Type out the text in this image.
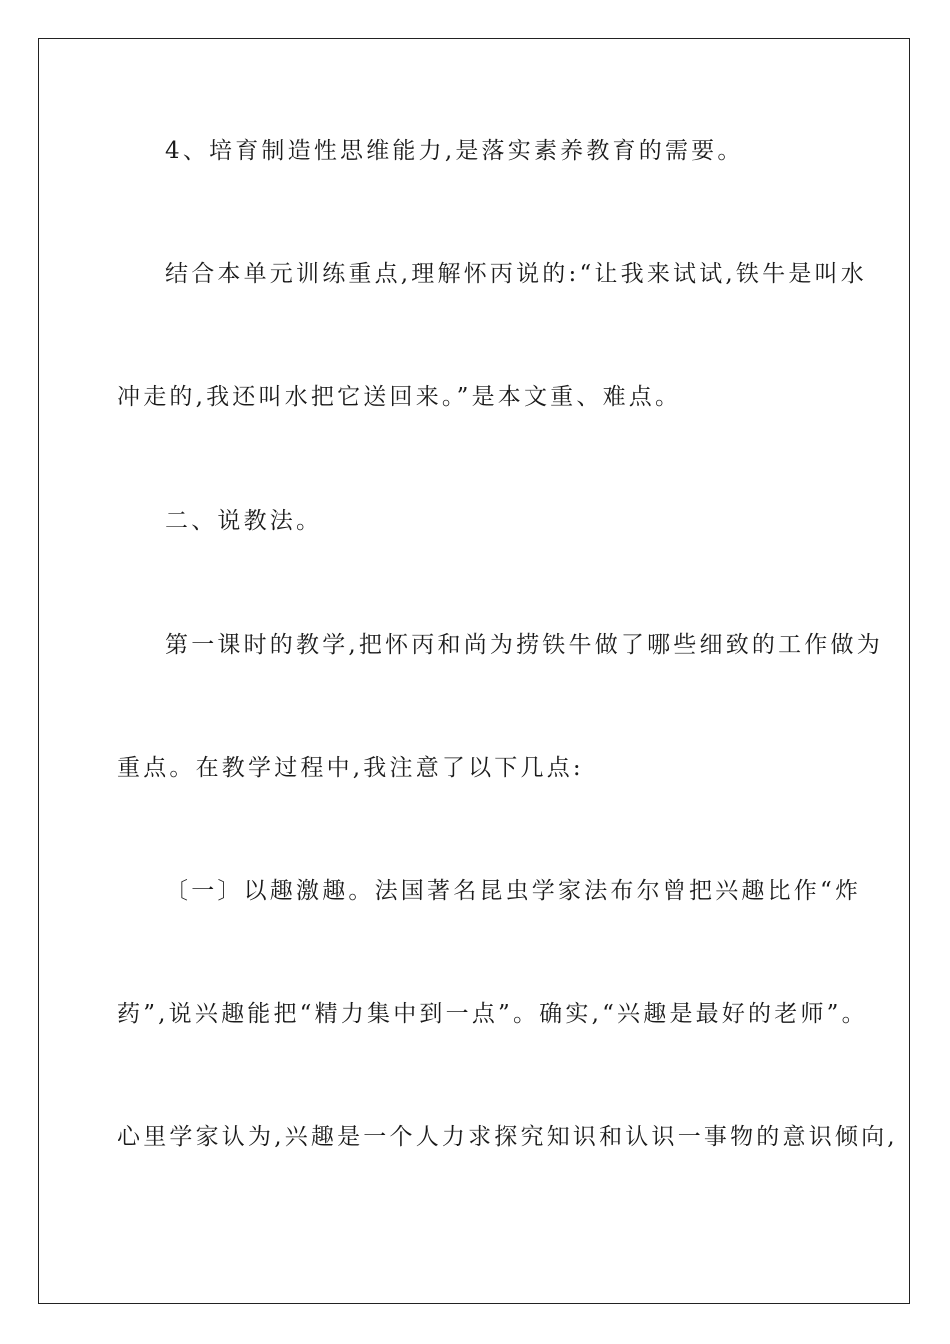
4、培育制造性思维能力,是落实素养教育的需要。
结合本单元训练重点,理解怀丙说的:“让我来试试,铁牛是叫水
冲走的,我还叫水把它送回来。”是本文重、难点。
二、说教法。
第一课时的教学,把怀丙和尚为捞铁牛做了哪些细致的工作做为
重点。在教学过程中,我注意了以下几点:
〔一〕以趣激趣。法国著名昆虫学家法布尔曾把兴趣比作“炸
药”,说兴趣能把“精力集中到一点”。确实,“兴趣是最好的老师”。
心里学家认为,兴趣是一个人力求探究知识和认识一事物的意识倾向,
